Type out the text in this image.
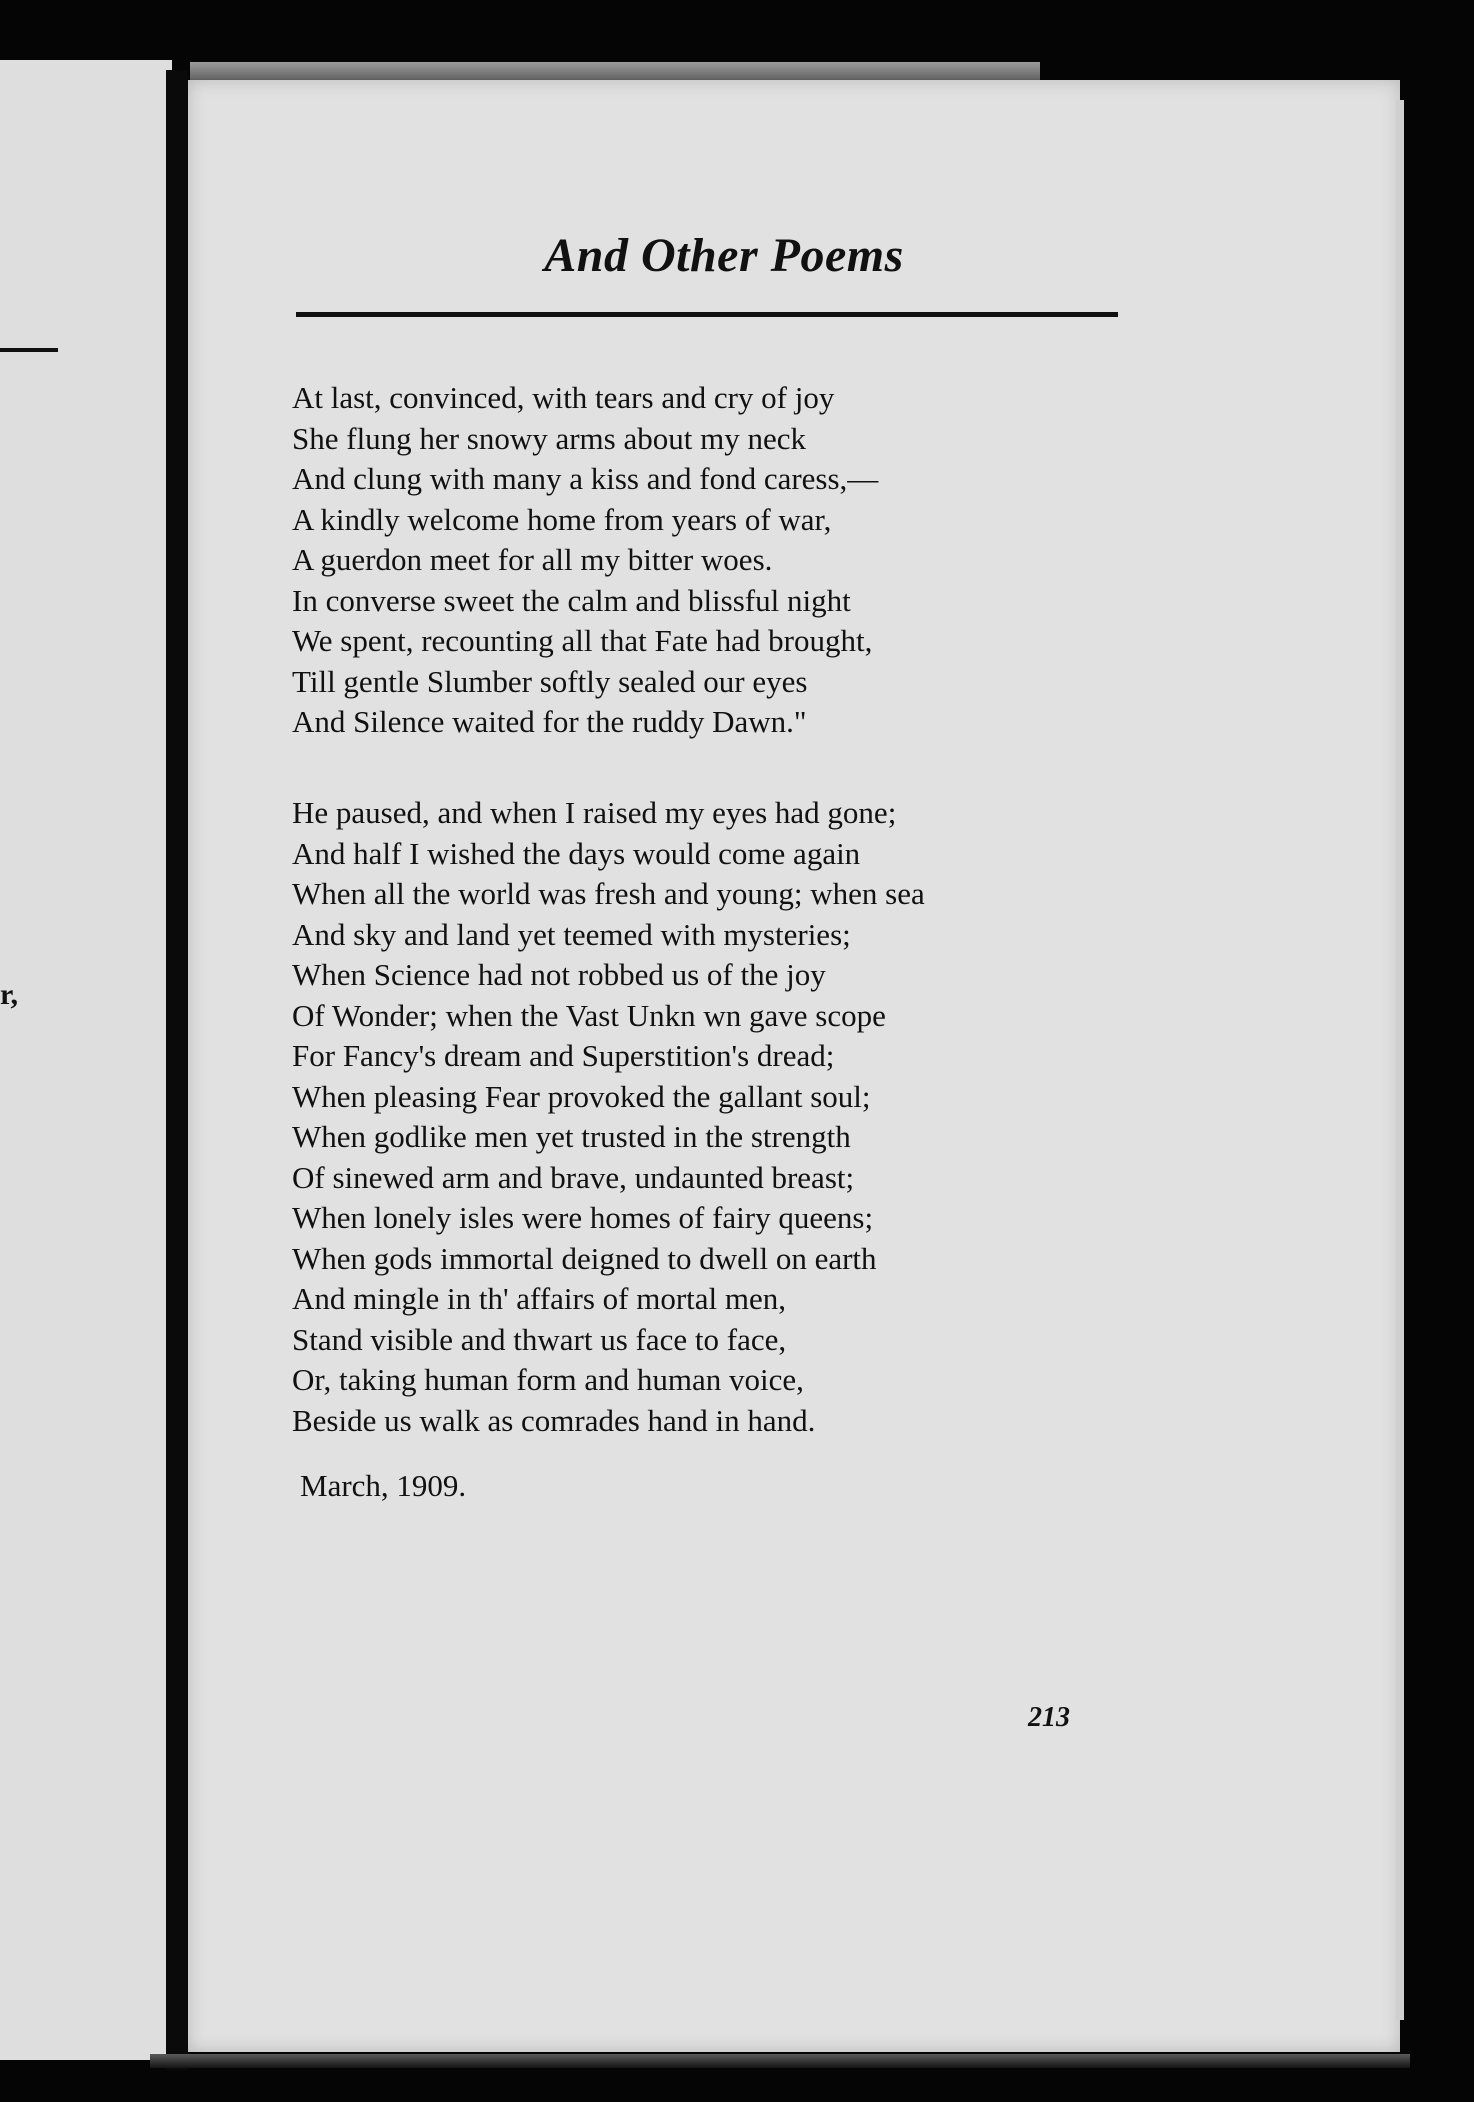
r,
And Other Poems
At last, convinced, with tears and cry of joy
She flung her snowy arms about my neck
And clung with many a kiss and fond caress,—
A kindly welcome home from years of war,
A guerdon meet for all my bitter woes.
In converse sweet the calm and blissful night
We spent, recounting all that Fate had brought,
Till gentle Slumber softly sealed our eyes
And Silence waited for the ruddy Dawn."
He paused, and when I raised my eyes had gone;
And half I wished the days would come again
When all the world was fresh and young; when sea
And sky and land yet teemed with mysteries;
When Science had not robbed us of the joy
Of Wonder; when the Vast Unkn wn gave scope
For Fancy's dream and Superstition's dread;
When pleasing Fear provoked the gallant soul;
When godlike men yet trusted in the strength
Of sinewed arm and brave, undaunted breast;
When lonely isles were homes of fairy queens;
When gods immortal deigned to dwell on earth
And mingle in th' affairs of mortal men,
Stand visible and thwart us face to face,
Or, taking human form and human voice,
Beside us walk as comrades hand in hand.
March, 1909.
213
